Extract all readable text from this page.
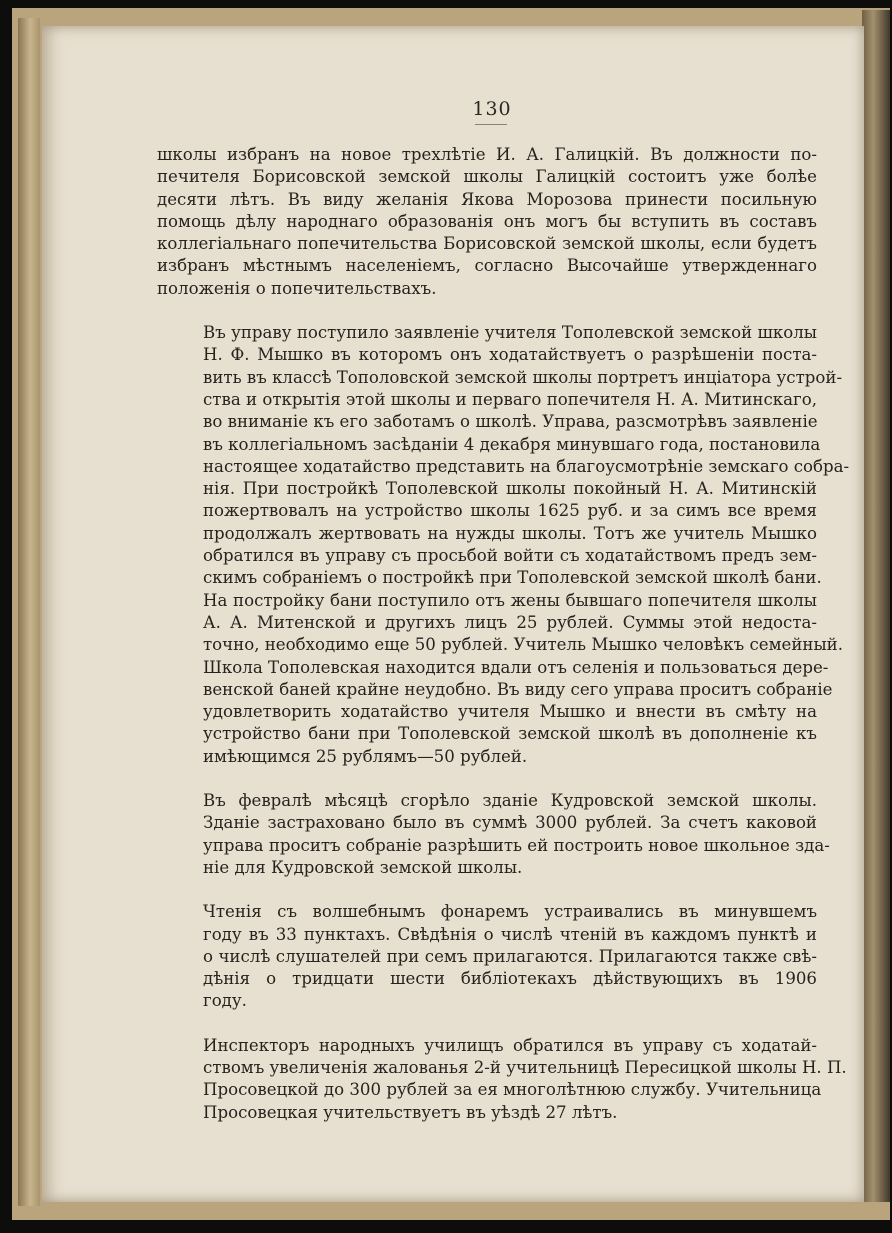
130
школы избранъ на новое трехлѣтіе И. А. Галицкій. Въ должности по-
печителя Борисовской земской школы Галицкій состоитъ уже болѣе
десяти лѣтъ. Въ виду желанія Якова Морозова принести посильную
помощь дѣлу народнаго образованія онъ могъ бы вступить въ составъ
коллегіальнаго попечительства Борисовской земской школы, если будетъ
избранъ мѣстнымъ населеніемъ, согласно Высочайше утвержденнаго
положенія о попечительствахъ.
Въ управу поступило заявленіе учителя Тополевской земской школы
Н. Ф. Мышко въ которомъ онъ ходатайствуетъ о разрѣшеніи поста-
вить въ классѣ Тополовской земской школы портретъ инціатора устрой-
ства и открытія этой школы и перваго попечителя Н. А. Митинскаго,
во вниманіе къ его заботамъ о школѣ. Управа, разсмотрѣвъ заявленіе
въ коллегіальномъ засѣданіи 4 декабря минувшаго года, постановила
настоящее ходатайство представить на благоусмотрѣніе земскаго собра-
нія. При постройкѣ Тополевской школы покойный Н. А. Митинскій
пожертвовалъ на устройство школы 1625 руб. и за симъ все время
продолжалъ жертвовать на нужды школы. Тотъ же учитель Мышко
обратился въ управу съ просьбой войти съ ходатайствомъ предъ зем-
скимъ собраніемъ о постройкѣ при Тополевской земской школѣ бани.
На постройку бани поступило отъ жены бывшаго попечителя школы
А. А. Митенской и другихъ лицъ 25 рублей. Суммы этой недоста-
точно, необходимо еще 50 рублей. Учитель Мышко человѣкъ семейный.
Школа Тополевская находится вдали отъ селенія и пользоваться дере-
венской баней крайне неудобно. Въ виду сего управа проситъ собраніе
удовлетворить ходатайство учителя Мышко и внести въ смѣту на
устройство бани при Тополевской земской школѣ въ дополненіе къ
имѣющимся 25 рублямъ—50 рублей.
Въ февралѣ мѣсяцѣ сгорѣло зданіе Кудровской земской школы.
Зданіе застраховано было въ суммѣ 3000 рублей. За счетъ каковой
управа проситъ собраніе разрѣшить ей построить новое школьное зда-
ніе для Кудровской земской школы.
Чтенія съ волшебнымъ фонаремъ устраивались въ минувшемъ
году въ 33 пунктахъ. Свѣдѣнія о числѣ чтеній въ каждомъ пунктѣ и
о числѣ слушателей при семъ прилагаются. Прилагаются также свѣ-
дѣнія о тридцати шести библіотекахъ дѣйствующихъ въ 1906
году.
Инспекторъ народныхъ училищъ обратился въ управу съ ходатай-
ствомъ увеличенія жалованья 2-й учительницѣ Пересицкой школы Н. П.
Просовецкой до 300 рублей за ея многолѣтнюю службу. Учительница
Просовецкая учительствуетъ въ уѣздѣ 27 лѣтъ.
